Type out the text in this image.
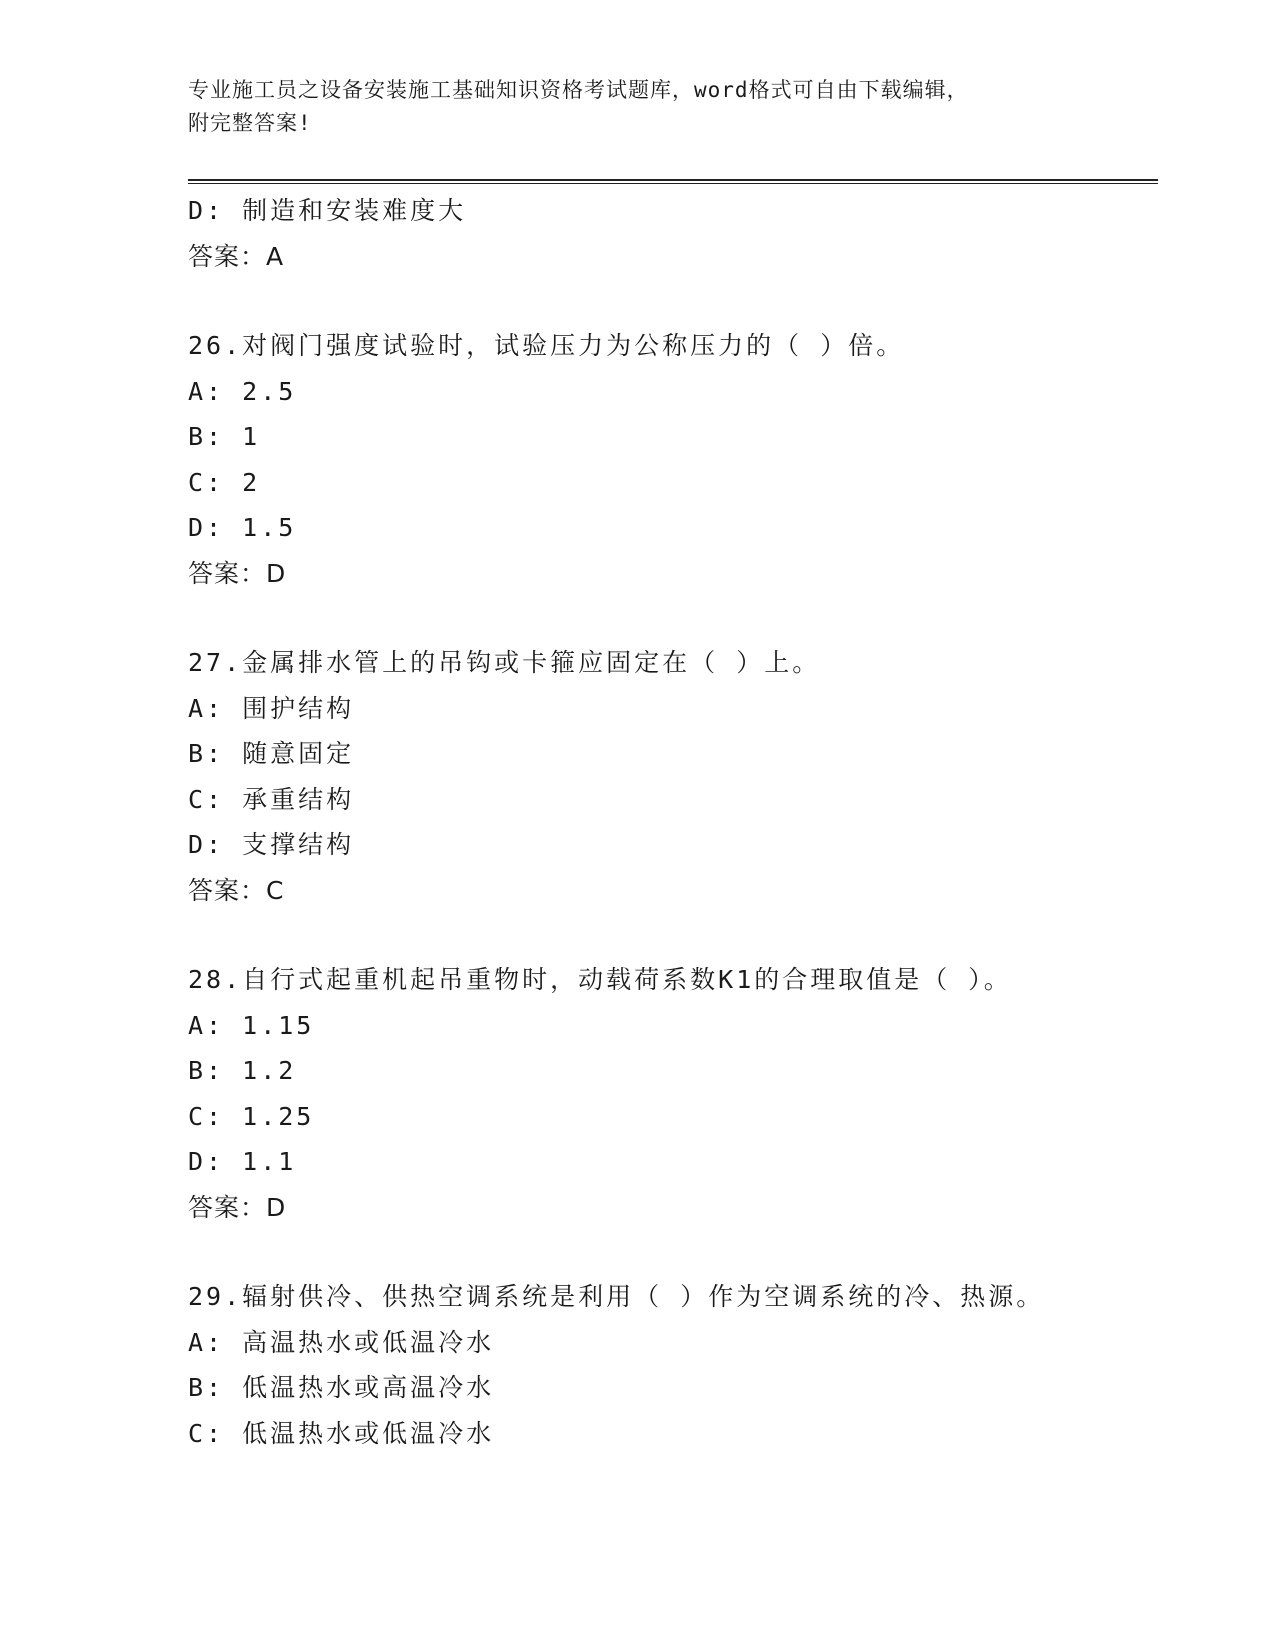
专业施工员之设备安装施工基础知识资格考试题库，word格式可自由下载编辑，
附完整答案!
D: 制造和安装难度大
答案：A
26.对阀门强度试验时，试验压力为公称压力的（ ）倍。
A: 2.5
B: 1
C: 2
D: 1.5
答案：D
27.金属排水管上的吊钩或卡箍应固定在（ ）上。
A: 围护结构
B: 随意固定
C: 承重结构
D: 支撑结构
答案：C
28.自行式起重机起吊重物时，动载荷系数K1的合理取值是（ ）。
A: 1.15
B: 1.2
C: 1.25
D: 1.1
答案：D
29.辐射供冷、供热空调系统是利用（ ）作为空调系统的冷、热源。
A: 高温热水或低温冷水
B: 低温热水或高温冷水
C: 低温热水或低温冷水
